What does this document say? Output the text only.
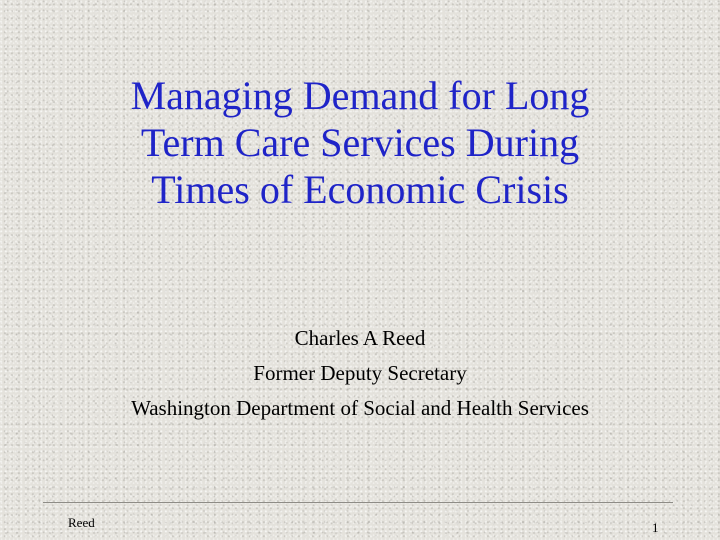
Managing Demand for Long
Term Care Services During
Times of Economic Crisis
Charles A Reed
Former Deputy Secretary
Washington Department of Social and Health Services
Reed	1
